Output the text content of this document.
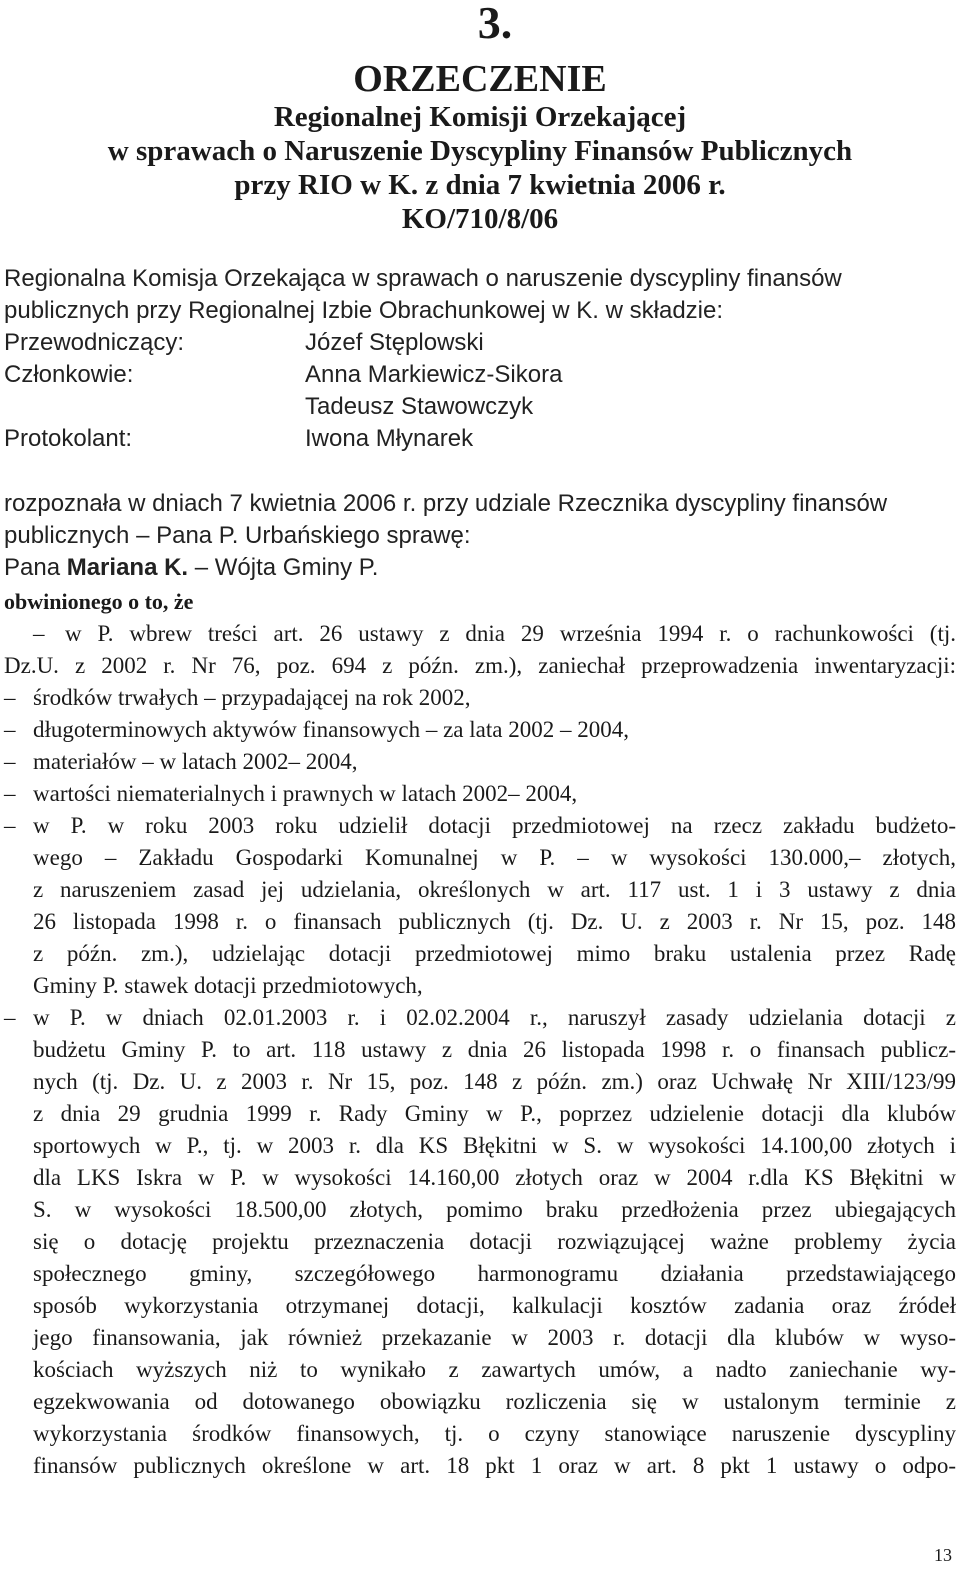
3.
ORZECZENIE
Regionalnej Komisji Orzekającej
w sprawach o Naruszenie Dyscypliny Finansów Publicznych
przy RIO w K. z dnia 7 kwietnia 2006 r.
KO/710/8/06
Regionalna Komisja Orzekająca w sprawach o naruszenie dyscypliny finansów
publicznych przy Regionalnej Izbie Obrachunkowej w K. w składzie:
Przewodniczący:	Józef Stęplowski
Członkowie:	Anna Markiewicz-Sikora
Tadeusz Stawowczyk
Protokolant:	Iwona Młynarek
rozpoznała w dniach 7 kwietnia 2006 r. przy udziale Rzecznika dyscypliny finansów
publicznych – Pana P. Urbańskiego sprawę:
Pana Mariana K. – Wójta Gminy P.
obwinionego o to, że
– w P. wbrew treści art. 26 ustawy z dnia 29 września 1994 r. o rachunkowości (tj.
Dz.U. z 2002 r. Nr 76, poz. 694 z późn. zm.), zaniechał przeprowadzenia inwentaryzacji:
– środków trwałych – przypadającej na rok 2002,
– długoterminowych aktywów finansowych – za lata 2002 – 2004,
– materiałów – w latach 2002– 2004,
– wartości niematerialnych i prawnych w latach 2002– 2004,
– w P. w roku 2003 roku udzielił dotacji przedmiotowej na rzecz zakładu budżeto-
wego – Zakładu Gospodarki Komunalnej w P. – w wysokości 130.000,– złotych,
z naruszeniem zasad jej udzielania, określonych w art. 117 ust. 1 i 3 ustawy z dnia
26 listopada 1998 r. o finansach publicznych (tj. Dz. U. z 2003 r. Nr 15, poz. 148
z późn. zm.), udzielając dotacji przedmiotowej mimo braku ustalenia przez Radę
Gminy P. stawek dotacji przedmiotowych,
– w P. w dniach 02.01.2003 r. i 02.02.2004 r., naruszył zasady udzielania dotacji z
budżetu Gminy P. to art. 118 ustawy z dnia 26 listopada 1998 r. o finansach publicz-
nych (tj. Dz. U. z 2003 r. Nr 15, poz. 148 z późn. zm.) oraz Uchwałę Nr XIII/123/99
z dnia 29 grudnia 1999 r. Rady Gminy w P., poprzez udzielenie dotacji dla klubów
sportowych w P., tj. w 2003 r. dla KS Błękitni w S. w wysokości 14.100,00 złotych i
dla LKS Iskra w P. w wysokości 14.160,00 złotych oraz w 2004 r.dla KS Błękitni w
S. w wysokości 18.500,00 złotych, pomimo braku przedłożenia przez ubiegających
się o dotację projektu przeznaczenia dotacji rozwiązującej ważne problemy życia
społecznego gminy, szczegółowego harmonogramu działania przedstawiającego
sposób wykorzystania otrzymanej dotacji, kalkulacji kosztów zadania oraz źródeł
jego finansowania, jak również przekazanie w 2003 r. dotacji dla klubów w wyso-
kościach wyższych niż to wynikało z zawartych umów, a nadto zaniechanie wy-
egzekwowania od dotowanego obowiązku rozliczenia się w ustalonym terminie z
wykorzystania środków finansowych, tj. o czyny stanowiące naruszenie dyscypliny
finansów publicznych określone w art. 18 pkt 1 oraz w art. 8 pkt 1 ustawy o odpo-
13
